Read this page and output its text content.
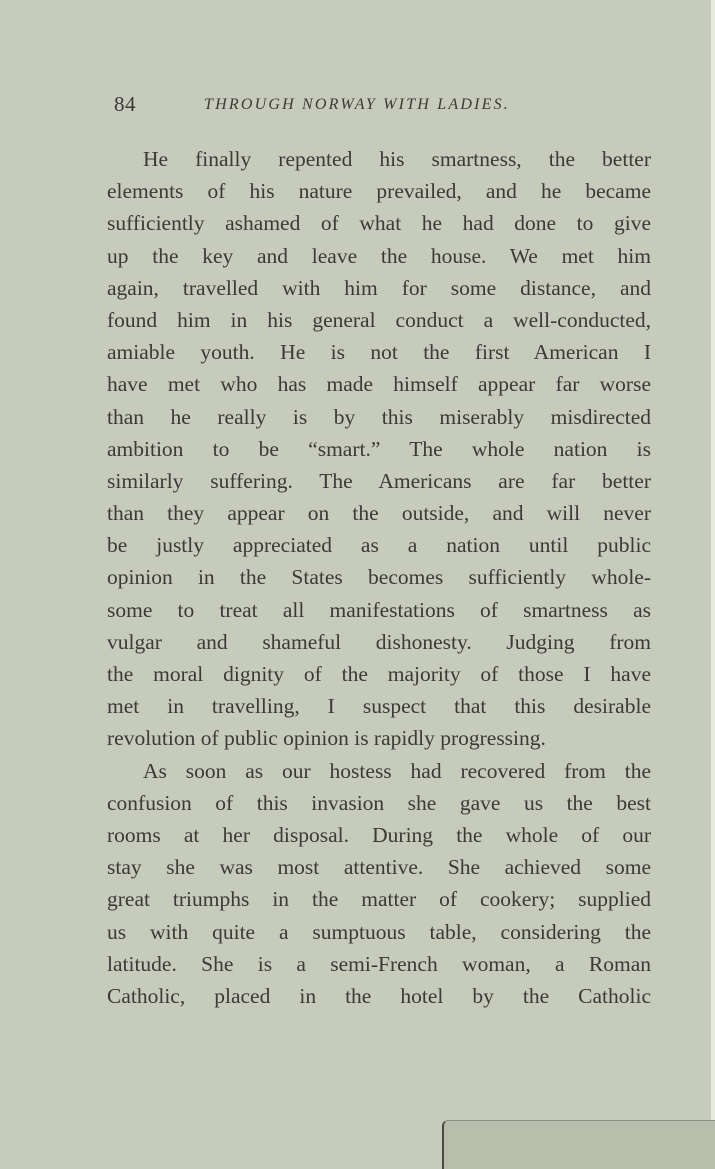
84	THROUGH NORWAY WITH LADIES.
He finally repented his smartness, the better
elements of his nature prevailed, and he became
sufficiently ashamed of what he had done to give
up the key and leave the house. We met him
again, travelled with him for some distance, and
found him in his general conduct a well-conducted,
amiable youth. He is not the first American I
have met who has made himself appear far worse
than he really is by this miserably misdirected
ambition to be “smart.” The whole nation is
similarly suffering. The Americans are far better
than they appear on the outside, and will never
be justly appreciated as a nation until public
opinion in the States becomes sufficiently whole-
some to treat all manifestations of smartness as
vulgar and shameful dishonesty. Judging from
the moral dignity of the majority of those I have
met in travelling, I suspect that this desirable
revolution of public opinion is rapidly progressing.
As soon as our hostess had recovered from the
confusion of this invasion she gave us the best
rooms at her disposal. During the whole of our
stay she was most attentive. She achieved some
great triumphs in the matter of cookery; supplied
us with quite a sumptuous table, considering the
latitude. She is a semi-French woman, a Roman
Catholic, placed in the hotel by the Catholic
